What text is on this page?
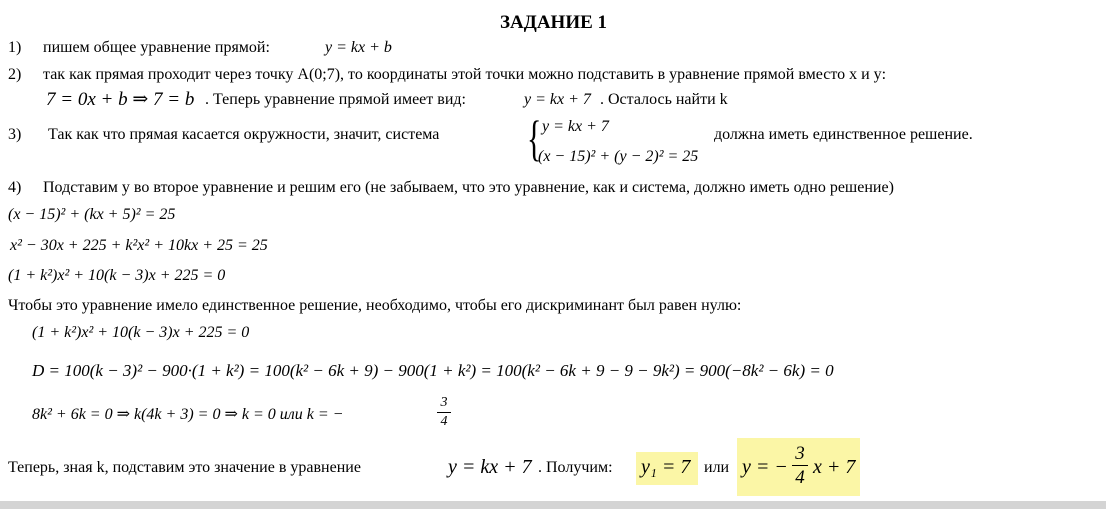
ЗАДАНИЕ 1
1) пишем общее уравнение прямой:	y = kx + b
2) так как прямая проходит через точку А(0;7), то координаты этой точки можно подставить в уравнение прямой вместо x и y:
7 = 0x + b ⇒ 7 = b . Теперь уравнение прямой имеет вид:	y = kx + 7 . Осталось найти k
3) Так как что прямая касается окружности, значит, система { y = kx + 7
(x − 15)² + (y − 2)² = 25
должна иметь единственное решение.
4) Подставим y во второе уравнение и решим его (не забываем, что это уравнение, как и система, должно иметь одно решение)
(x − 15)² + (kx + 5)² = 25
x² − 30x + 225 + k²x² + 10kx + 25 = 25
(1 + k²)x² + 10(k − 3)x + 225 = 0
Чтобы это уравнение имело единственное решение, необходимо, чтобы его дискриминант был равен нулю:
(1 + k²)x² + 10(k − 3)x + 225 = 0
D = 100(k − 3)² − 900·(1 + k²) = 100(k² − 6k + 9) − 900(1 + k²) = 100(k² − 6k + 9 − 9 − 9k²) = 900(−8k² − 6k) = 0
8k² + 6k = 0 ⇒ k(4k + 3) = 0 ⇒ k = 0 или k = −
3
4
Теперь, зная k, подставим это значение в уравнение	y = kx + 7 . Получим: y₁ = 7 или y = −
3
4 x + 7
